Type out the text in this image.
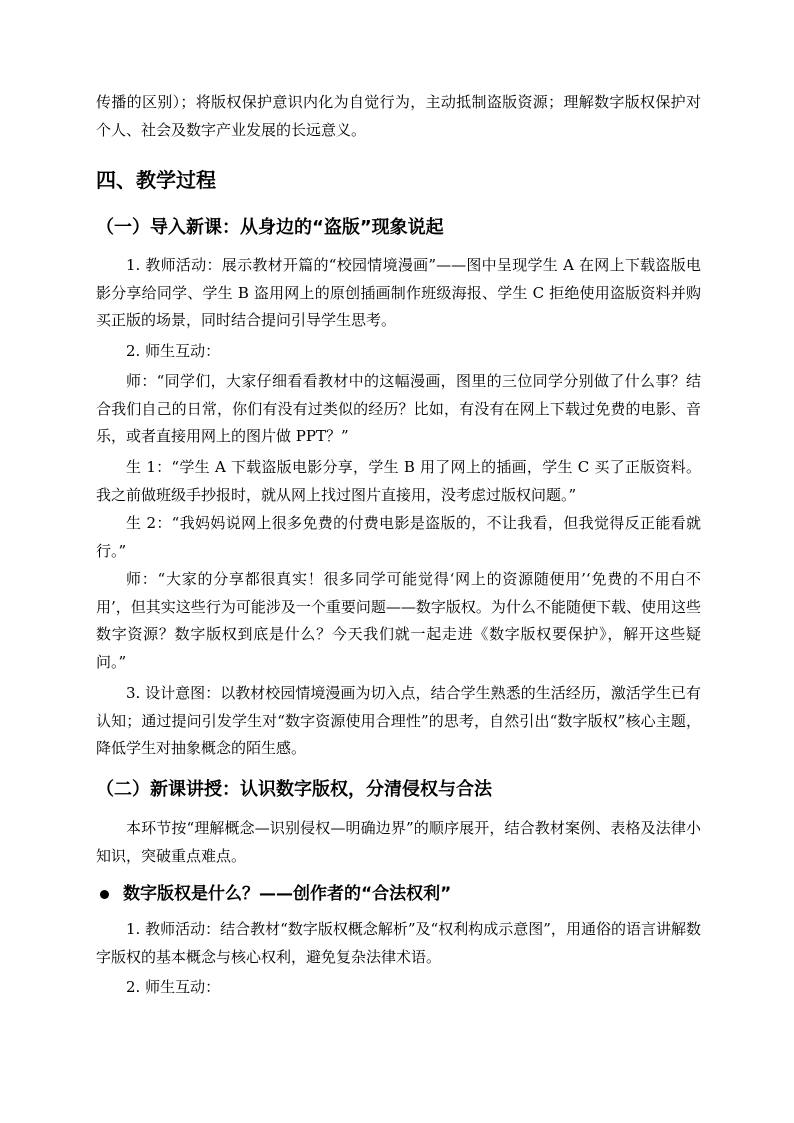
传播的区别）；将版权保护意识内化为自觉行为，主动抵制盗版资源；理解数字版权保护对个人、社会及数字产业发展的长远意义。

四、教学过程
（一）导入新课：从身边的“盗版”现象说起

1. 教师活动：展示教材开篇的“校园情境漫画”——图中呈现学生 A 在网上下载盗版电影分享给同学、学生 B 盗用网上的原创插画制作班级海报、学生 C 拒绝使用盗版资料并购买正版的场景，同时结合提问引导学生思考。

2. 师生互动：

师：“同学们，大家仔细看看教材中的这幅漫画，图里的三位同学分别做了什么事？结合我们自己的日常，你们有没有过类似的经历？比如，有没有在网上下载过免费的电影、音乐，或者直接用网上的图片做 PPT？”

生 1：“学生 A 下载盗版电影分享，学生 B 用了网上的插画，学生 C 买了正版资料。我之前做班级手抄报时，就从网上找过图片直接用，没考虑过版权问题。”

生 2：“我妈妈说网上很多免费的付费电影是盗版的，不让我看，但我觉得反正能看就行。”

师：“大家的分享都很真实！很多同学可能觉得‘网上的资源随便用’‘免费的不用白不用’，但其实这些行为可能涉及一个重要问题——数字版权。为什么不能随便下载、使用这些数字资源？数字版权到底是什么？今天我们就一起走进《数字版权要保护》，解开这些疑问。”

3. 设计意图：以教材校园情境漫画为切入点，结合学生熟悉的生活经历，激活学生已有认知；通过提问引发学生对“数字资源使用合理性”的思考，自然引出“数字版权”核心主题，降低学生对抽象概念的陌生感。

（二）新课讲授：认识数字版权，分清侵权与合法

本环节按“理解概念—识别侵权—明确边界”的顺序展开，结合教材案例、表格及法律小知识，突破重点难点。

数字版权是什么？——创作者的“合法权利”

1. 教师活动：结合教材“数字版权概念解析”及“权利构成示意图”，用通俗的语言讲解数字版权的基本概念与核心权利，避免复杂法律术语。

2. 师生互动：
